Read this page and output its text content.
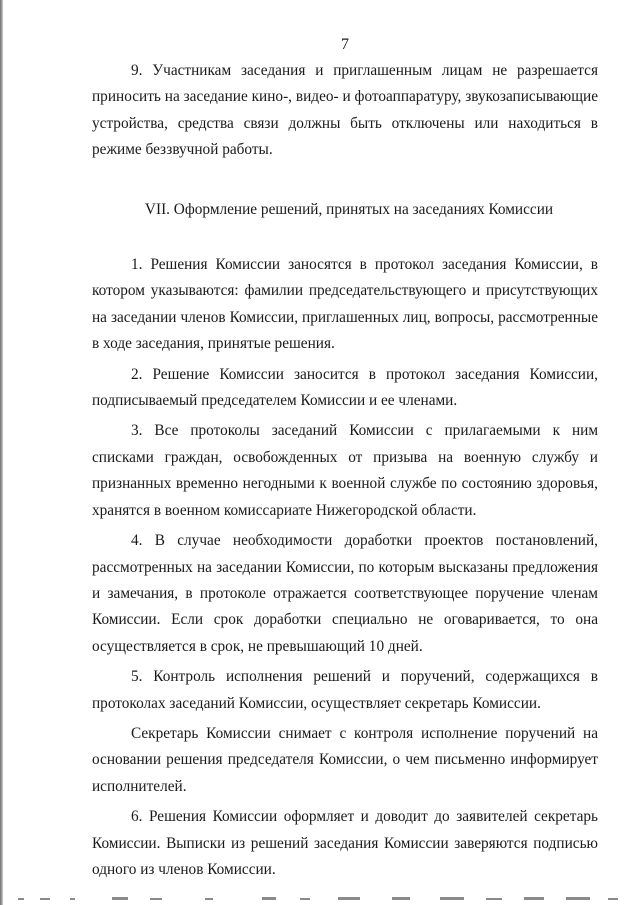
7

9. Участникам заседания и приглашенным лицам не разрешается приносить на заседание кино-, видео- и фотоаппаратуру, звукозаписывающие устройства, средства связи должны быть отключены или находиться в режиме беззвучной работы.

VII. Оформление решений, принятых на заседаниях Комиссии

1. Решения Комиссии заносятся в протокол заседания Комиссии, в котором указываются: фамилии председательствующего и присутствующих на заседании членов Комиссии, приглашенных лиц, вопросы, рассмотренные в ходе заседания, принятые решения.

2. Решение Комиссии заносится в протокол заседания Комиссии, подписываемый председателем Комиссии и ее членами.

3. Все протоколы заседаний Комиссии с прилагаемыми к ним списками граждан, освобожденных от призыва на военную службу и признанных временно негодными к военной службе по состоянию здоровья, хранятся в военном комиссариате Нижегородской области.

4. В случае необходимости доработки проектов постановлений, рассмотренных на заседании Комиссии, по которым высказаны предложения и замечания, в протоколе отражается соответствующее поручение членам Комиссии. Если срок доработки специально не оговаривается, то она осуществляется в срок, не превышающий 10 дней.

5. Контроль исполнения решений и поручений, содержащихся в протоколах заседаний Комиссии, осуществляет секретарь Комиссии.

Секретарь Комиссии снимает с контроля исполнение поручений на основании решения председателя Комиссии, о чем письменно информирует исполнителей.

6. Решения Комиссии оформляет и доводит до заявителей секретарь Комиссии. Выписки из решений заседания Комиссии заверяются подписью одного из членов Комиссии.
